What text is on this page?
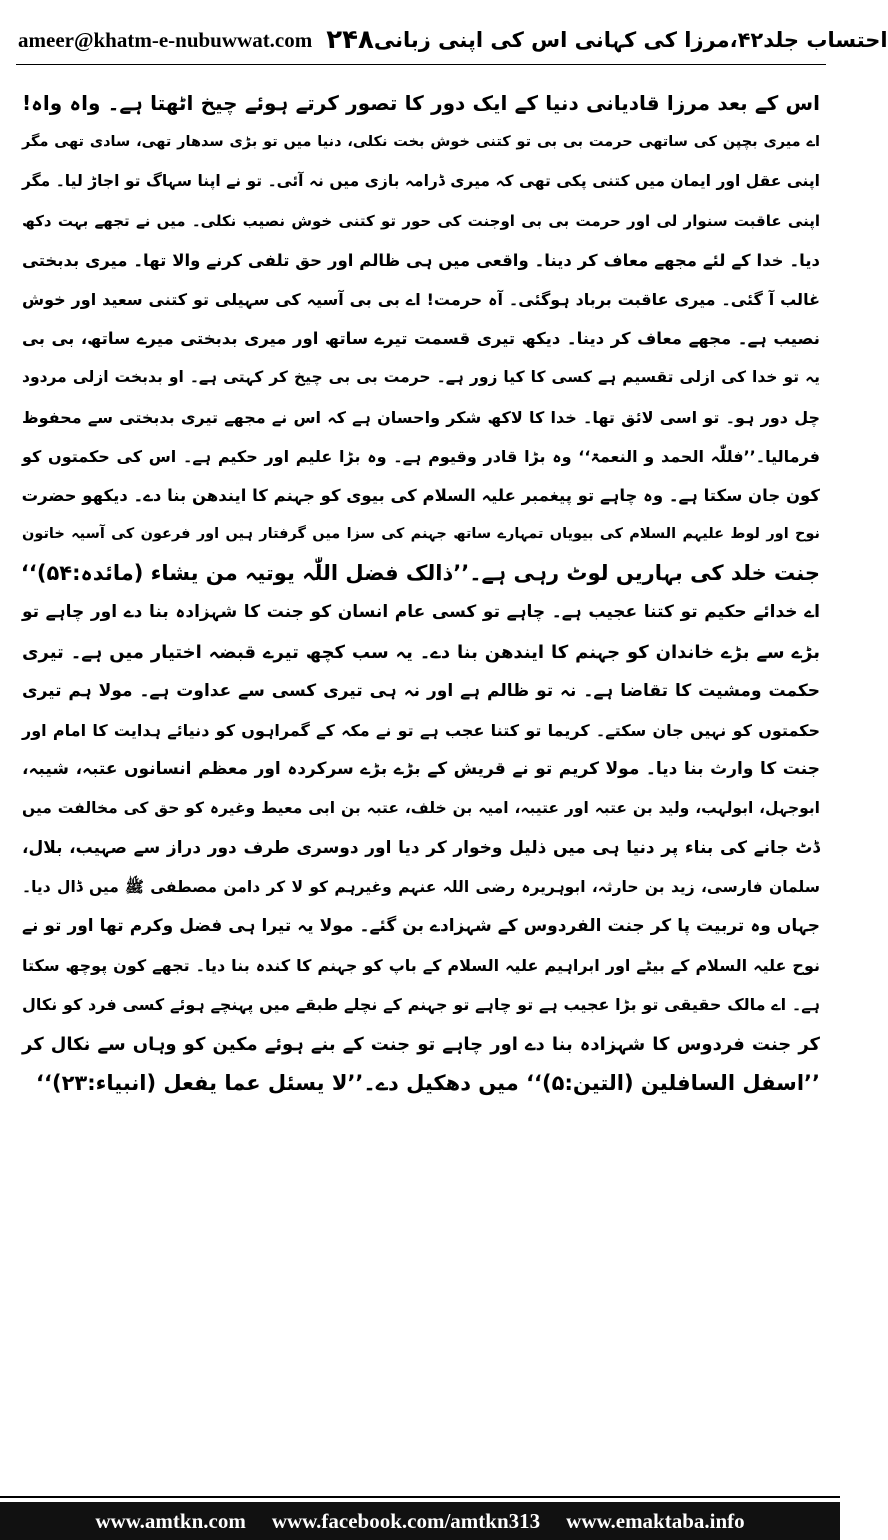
ameer@khatm-e-nubuwwat.com ۲۴۸ احتساب جلد۴۲،مرزا کی کہانی اس کی اپنی زبانی
اس کے بعد مرزا قادیانی دنیا کے ایک دور کا تصور کرتے ہوئے چیخ اٹھتا ہے۔ واہ واہ!
اے میری بچپن کی ساتھی حرمت بی بی تو کتنی خوش بخت نکلی، دنیا میں تو بڑی سدھار تھی، سادی تھی مگر
اپنی عقل اور ایمان میں کتنی پکی تھی کہ میری ڈرامہ بازی میں نہ آئی۔ تو نے اپنا سہاگ تو اجاڑ لیا۔ مگر
اپنی عاقبت سنوار لی اور حرمت بی بی اوجنت کی حور تو کتنی خوش نصیب نکلی۔ میں نے تجھے بہت دکھ
دیا۔ خدا کے لئے مجھے معاف کر دینا۔ واقعی میں ہی ظالم اور حق تلفی کرنے والا تھا۔ میری بدبختی
غالب آ گئی۔ میری عاقبت برباد ہوگئی۔ آہ حرمت! اے بی بی آسیہ کی سہیلی تو کتنی سعید اور خوش
نصیب ہے۔ مجھے معاف کر دینا۔ دیکھ تیری قسمت تیرے ساتھ اور میری بدبختی میرے ساتھ، بی بی
یہ تو خدا کی ازلی تقسیم ہے کسی کا کیا زور ہے۔ حرمت بی بی چیخ کر کہتی ہے۔ او بدبخت ازلی مردود
چل دور ہو۔ تو اسی لائق تھا۔ خدا کا لاکھ شکر واحسان ہے کہ اس نے مجھے تیری بدبختی سے محفوظ
فرمالیا۔’’فللّٰہ الحمد و النعمۃ‘‘ وہ بڑا قادر وقیوم ہے۔ وہ بڑا علیم اور حکیم ہے۔ اس کی حکمتوں کو
کون جان سکتا ہے۔ وہ چاہے تو پیغمبر علیہ السلام کی بیوی کو جہنم کا ایندھن بنا دے۔ دیکھو حضرت
نوح اور لوط علیہم السلام کی بیویاں تمہارے ساتھ جہنم کی سزا میں گرفتار ہیں اور فرعون کی آسیہ خاتون
جنت خلد کی بہاریں لوٹ رہی ہے۔’’ذالک فضل اللّٰہ یوتیہ من یشاء (مائدہ:۵۴)‘‘
اے خدائے حکیم تو کتنا عجیب ہے۔ چاہے تو کسی عام انسان کو جنت کا شہزادہ بنا دے اور چاہے تو
بڑے سے بڑے خاندان کو جہنم کا ایندھن بنا دے۔ یہ سب کچھ تیرے قبضہ اختیار میں ہے۔ تیری
حکمت ومشیت کا تقاضا ہے۔ نہ تو ظالم ہے اور نہ ہی تیری کسی سے عداوت ہے۔ مولا ہم تیری
حکمتوں کو نہیں جان سکتے۔ کریما تو کتنا عجب ہے تو نے مکہ کے گمراہوں کو دنیائے ہدایت کا امام اور
جنت کا وارث بنا دیا۔ مولا کریم تو نے قریش کے بڑے بڑے سرکردہ اور معظم انسانوں عتبہ، شیبہ،
ابوجہل، ابولہب، ولید بن عتبہ اور عتیبہ، امیہ بن خلف، عتبہ بن ابی معیط وغیرہ کو حق کی مخالفت میں
ڈٹ جانے کی بناء پر دنیا ہی میں ذلیل وخوار کر دیا اور دوسری طرف دور دراز سے صہیب، بلال،
سلمان فارسی، زید بن حارثہ، ابوہریرہ رضی اللہ عنہم وغیرہم کو لا کر دامن مصطفی ﷺ میں ڈال دیا۔
جہاں وہ تربیت پا کر جنت الفردوس کے شہزادے بن گئے۔ مولا یہ تیرا ہی فضل وکرم تھا اور تو نے
نوح علیہ السلام کے بیٹے اور ابراہیم علیہ السلام کے باپ کو جہنم کا کندہ بنا دیا۔ تجھے کون پوچھ سکتا
ہے۔ اے مالک حقیقی تو بڑا عجیب ہے تو چاہے تو جہنم کے نچلے طبقے میں پہنچے ہوئے کسی فرد کو نکال
کر جنت فردوس کا شہزادہ بنا دے اور چاہے تو جنت کے بنے ہوئے مکین کو وہاں سے نکال کر
’’اسفل السافلین (التین:۵)‘‘ میں دھکیل دے۔’’لا یسئل عما یفعل (انبیاء:۲۳)‘‘
www.amtkn.com www.facebook.com/amtkn313 www.emaktaba.info
